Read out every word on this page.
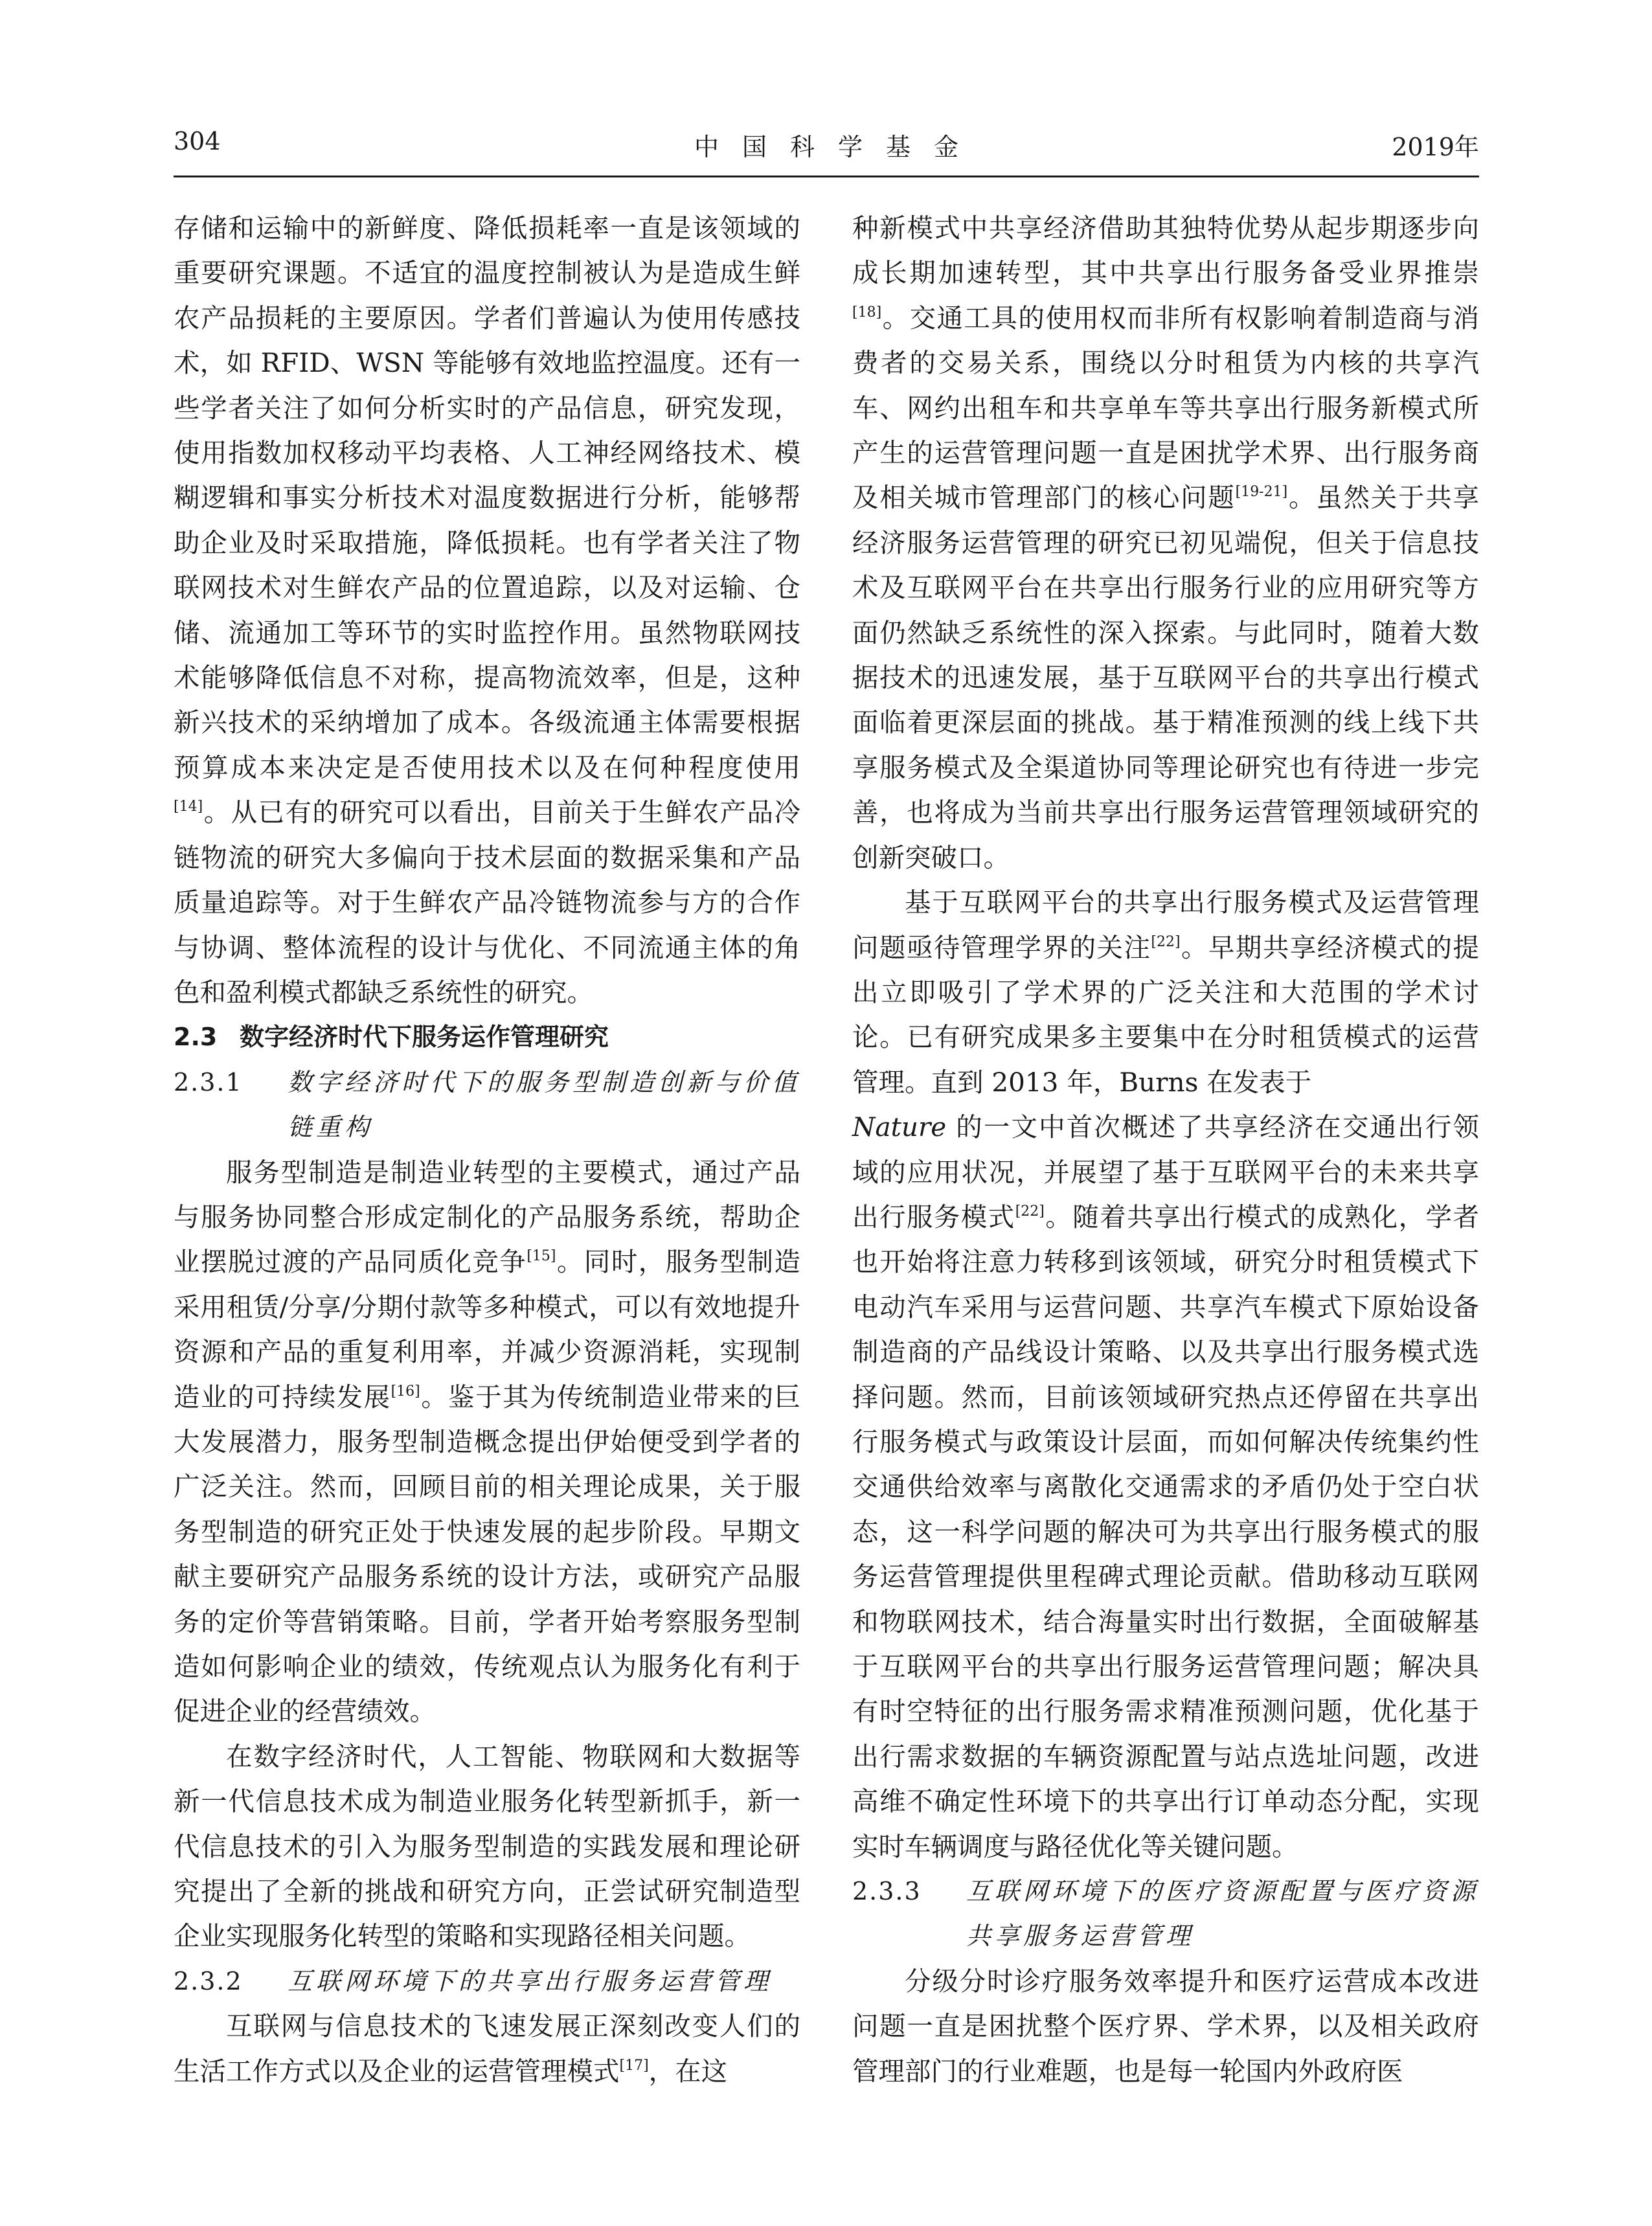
304	中国科学基金	2019年

存储和运输中的新鲜度、降低损耗率一直是该领域的重要研究课题。不适宜的温度控制被认为是造成生鲜农产品损耗的主要原因。学者们普遍认为使用传感技术，如 RFID、WSN 等能够有效地监控温度。还有一些学者关注了如何分析实时的产品信息，研究发现，使用指数加权移动平均表格、人工神经网络技术、模糊逻辑和事实分析技术对温度数据进行分析，能够帮助企业及时采取措施，降低损耗。也有学者关注了物联网技术对生鲜农产品的位置追踪，以及对运输、仓储、流通加工等环节的实时监控作用。虽然物联网技术能够降低信息不对称，提高物流效率，但是，这种新兴技术的采纳增加了成本。各级流通主体需要根据预算成本来决定是否使用技术以及在何种程度使用[14]。从已有的研究可以看出，目前关于生鲜农产品冷链物流的研究大多偏向于技术层面的数据采集和产品质量追踪等。对于生鲜农产品冷链物流参与方的合作与协调、整体流程的设计与优化、不同流通主体的角色和盈利模式都缺乏系统性的研究。

2.3 数字经济时代下服务运作管理研究
2.3.1	数字经济时代下的服务型制造创新与价值链重构

服务型制造是制造业转型的主要模式，通过产品与服务协同整合形成定制化的产品服务系统，帮助企业摆脱过渡的产品同质化竞争[15]。同时，服务型制造采用租赁/分享/分期付款等多种模式，可以有效地提升资源和产品的重复利用率，并减少资源消耗，实现制造业的可持续发展[16]。鉴于其为传统制造业带来的巨大发展潜力，服务型制造概念提出伊始便受到学者的广泛关注。然而，回顾目前的相关理论成果，关于服务型制造的研究正处于快速发展的起步阶段。早期文献主要研究产品服务系统的设计方法，或研究产品服务的定价等营销策略。目前，学者开始考察服务型制造如何影响企业的绩效，传统观点认为服务化有利于促进企业的经营绩效。

在数字经济时代，人工智能、物联网和大数据等新一代信息技术成为制造业服务化转型新抓手，新一代信息技术的引入为服务型制造的实践发展和理论研究提出了全新的挑战和研究方向，正尝试研究制造型企业实现服务化转型的策略和实现路径相关问题。

2.3.2	互联网环境下的共享出行服务运营管理

互联网与信息技术的飞速发展正深刻改变人们的生活工作方式以及企业的运营管理模式[17]，在这

种新模式中共享经济借助其独特优势从起步期逐步向成长期加速转型，其中共享出行服务备受业界推崇[18]。交通工具的使用权而非所有权影响着制造商与消费者的交易关系，围绕以分时租赁为内核的共享汽车、网约出租车和共享单车等共享出行服务新模式所产生的运营管理问题一直是困扰学术界、出行服务商及相关城市管理部门的核心问题[19-21]。虽然关于共享经济服务运营管理的研究已初见端倪，但关于信息技术及互联网平台在共享出行服务行业的应用研究等方面仍然缺乏系统性的深入探索。与此同时，随着大数据技术的迅速发展，基于互联网平台的共享出行模式面临着更深层面的挑战。基于精准预测的线上线下共享服务模式及全渠道协同等理论研究也有待进一步完善，也将成为当前共享出行服务运营管理领域研究的创新突破口。

基于互联网平台的共享出行服务模式及运营管理问题亟待管理学界的关注[22]。早期共享经济模式的提出立即吸引了学术界的广泛关注和大范围的学术讨论。已有研究成果多主要集中在分时租赁模式的运营管理。直到 2013 年，Burns 在发表于
Nature 的一文中首次概述了共享经济在交通出行领域的应用状况，并展望了基于互联网平台的未来共享出行服务模式[22]。随着共享出行模式的成熟化，学者也开始将注意力转移到该领域，研究分时租赁模式下电动汽车采用与运营问题、共享汽车模式下原始设备制造商的产品线设计策略、以及共享出行服务模式选择问题。然而，目前该领域研究热点还停留在共享出行服务模式与政策设计层面，而如何解决传统集约性交通供给效率与离散化交通需求的矛盾仍处于空白状态，这一科学问题的解决可为共享出行服务模式的服务运营管理提供里程碑式理论贡献。借助移动互联网和物联网技术，结合海量实时出行数据，全面破解基于互联网平台的共享出行服务运营管理问题；解决具有时空特征的出行服务需求精准预测问题，优化基于出行需求数据的车辆资源配置与站点选址问题，改进高维不确定性环境下的共享出行订单动态分配，实现实时车辆调度与路径优化等关键问题。

2.3.3	互联网环境下的医疗资源配置与医疗资源共享服务运营管理

分级分时诊疗服务效率提升和医疗运营成本改进问题一直是困扰整个医疗界、学术界，以及相关政府管理部门的行业难题，也是每一轮国内外政府医
